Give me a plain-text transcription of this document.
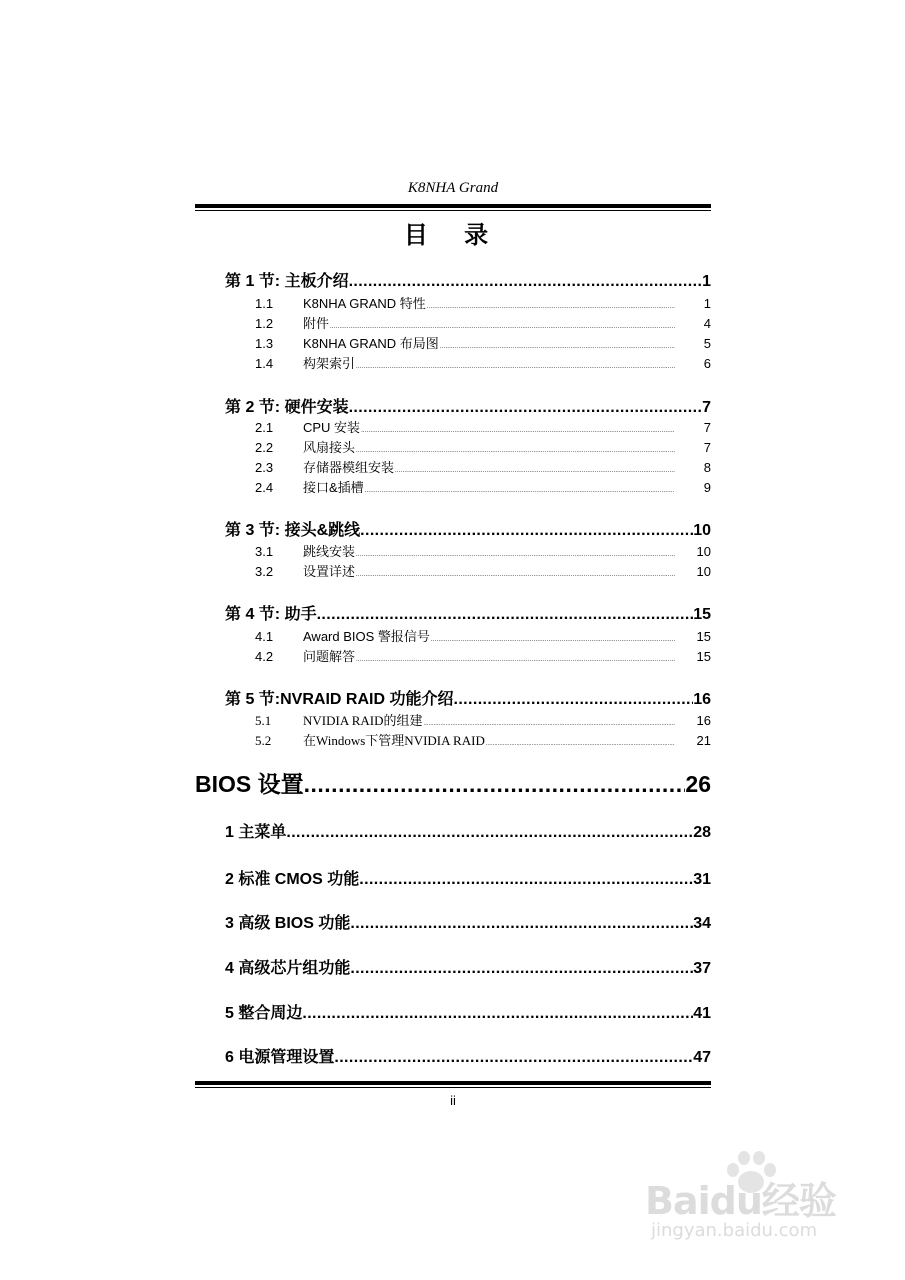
K8NHA Grand
目 录
第 1 节: 主板介绍 .....	1
1.1	K8NHA GRAND 特性 .....	1
1.2	附件 .....	4
1.3	K8NHA GRAND 布局图 .....	5
1.4	构架索引 .....	6
第 2 节: 硬件安装 .....	7
2.1	CPU 安装 .....	7
2.2	风扇接头 .....	7
2.3	存储器模组安装 .....	8
2.4	接口&插槽 .....	9
第 3 节: 接头&跳线 .....	10
3.1	跳线安装 .....	10
3.2	设置详述 .....	10
第 4 节: 助手 .....	15
4.1	Award BIOS 警报信号 .....	15
4.2	问题解答 .....	15
第 5 节:NVRAID RAID 功能介绍 .....	16
5.1	NVIDIA RAID的组建 .....	16
5.2	在Windows下管理NVIDIA RAID .....	21
BIOS 设置 .....	26
1 主菜单 .....	28
2 标准 CMOS 功能 .....	31
3 高级 BIOS 功能 .....	34
4 高级芯片组功能 .....	37
5 整合周边 .....	41
6 电源管理设置 .....	47
ii
Baidu经验
jingyan.baidu.com
